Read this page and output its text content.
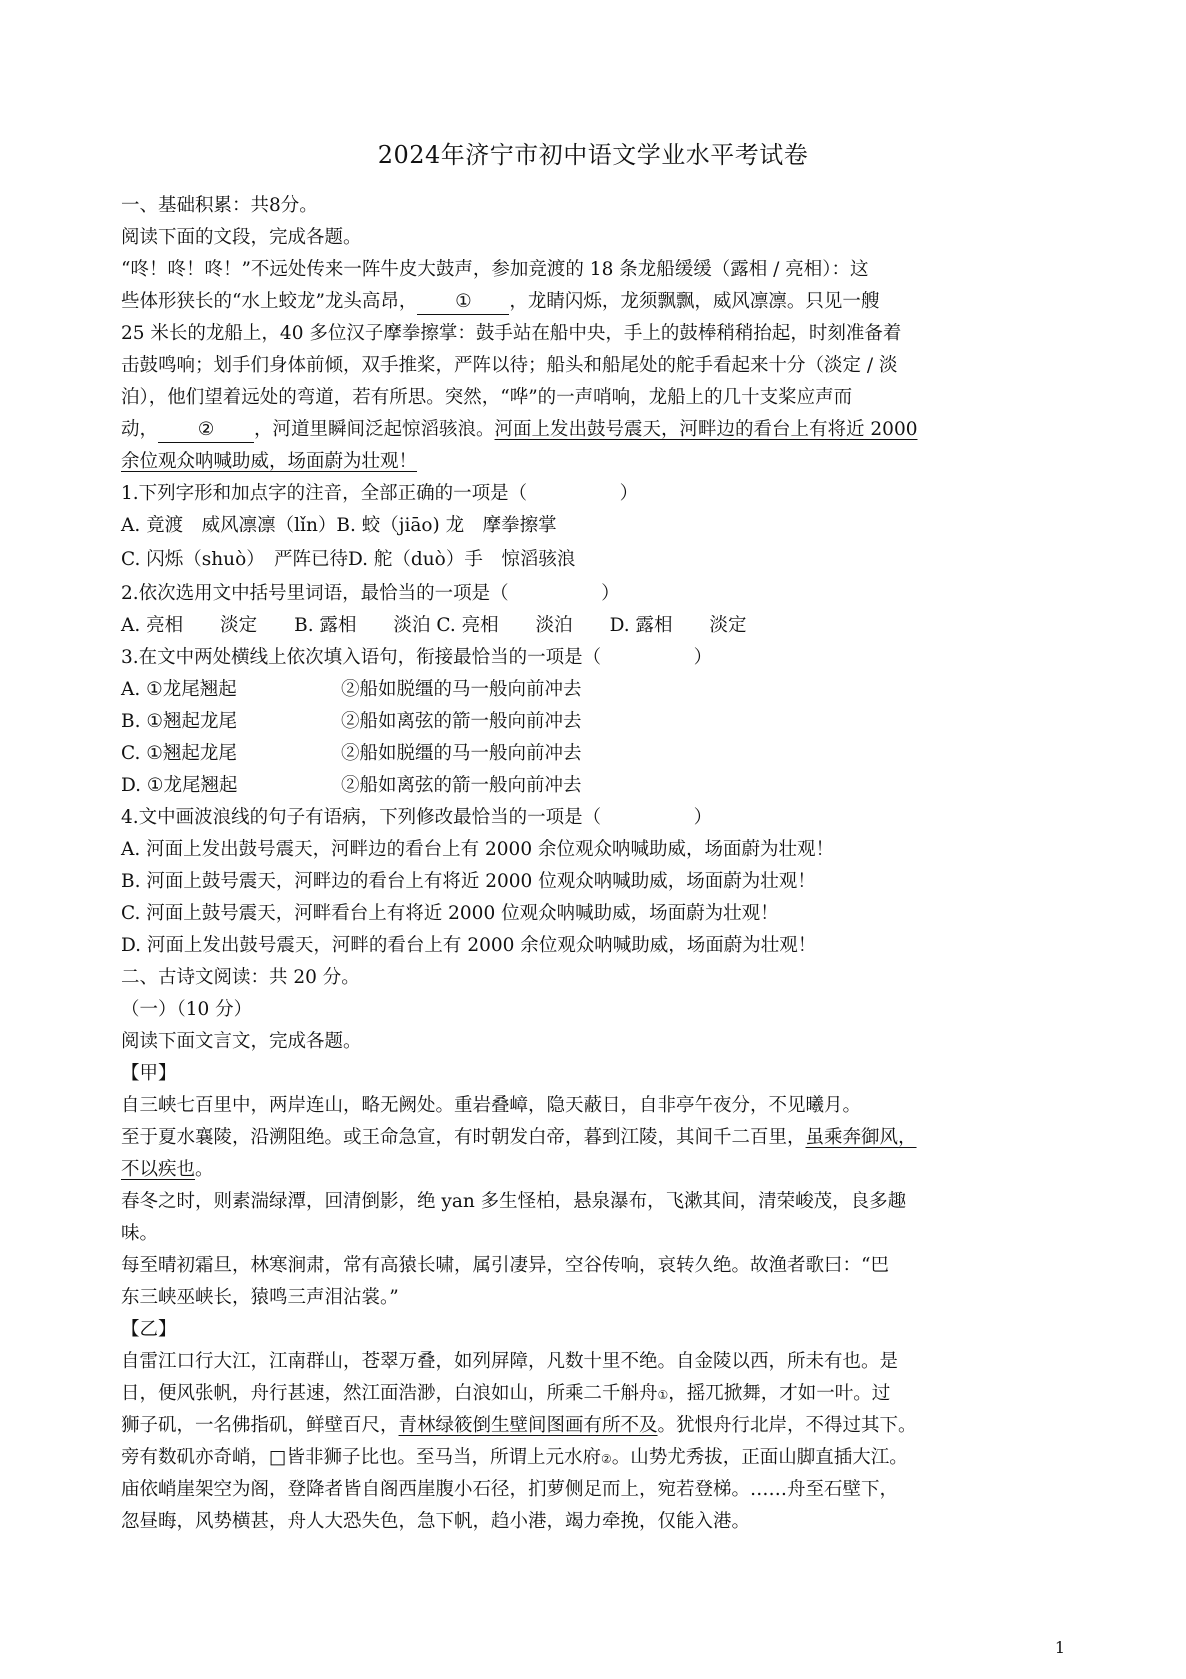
2024年济宁市初中语文学业水平考试卷
一、基础积累：共8分。
阅读下面的文段，完成各题。
“咚！咚！咚！”不远处传来一阵牛皮大鼓声，参加竞渡的 18 条龙船缓缓（露相 / 亮相）：这
些体形狭长的“水上蛟龙”龙头高昂， ① ，龙睛闪烁，龙须飘飘，威风凛凛。只见一艘
25 米长的龙船上，40 多位汉子摩拳擦掌：鼓手站在船中央，手上的鼓棒稍稍抬起，时刻准备着
击鼓鸣响；划手们身体前倾，双手推桨，严阵以待；船头和船尾处的舵手看起来十分（淡定 / 淡
泊），他们望着远处的弯道，若有所思。突然，“哗”的一声哨响，龙船上的几十支桨应声而
动， ② ，河道里瞬间泛起惊滔骇浪。河面上发出鼓号震天，河畔边的看台上有将近 2000
余位观众呐喊助威，场面蔚为壮观！
1.下列字形和加点字的注音，全部正确的一项是（　　　　　）
A. 竟渡　威风凛凛（lǐn）B. 蛟（jiāo) 龙　摩拳擦掌
C. 闪烁（shuò）　严阵已待D. 舵（duò）手　惊滔骇浪
2.依次选用文中括号里词语，最恰当的一项是（　　　　　）
A. 亮相　　淡定　　B. 露相　　淡泊 C. 亮相　　淡泊　　D. 露相　　淡定
3.在文中两处横线上依次填入语句，衔接最恰当的一项是（　　　　　）
A. ①龙尾翘起	②船如脱缰的马一般向前冲去
B. ①翘起龙尾	②船如离弦的箭一般向前冲去
C. ①翘起龙尾	②船如脱缰的马一般向前冲去
D. ①龙尾翘起	②船如离弦的箭一般向前冲去
4.文中画波浪线的句子有语病，下列修改最恰当的一项是（　　　　　）
A. 河面上发出鼓号震天，河畔边的看台上有 2000 余位观众呐喊助威，场面蔚为壮观！
B. 河面上鼓号震天，河畔边的看台上有将近 2000 位观众呐喊助威，场面蔚为壮观！
C. 河面上鼓号震天，河畔看台上有将近 2000 位观众呐喊助威，场面蔚为壮观！
D. 河面上发出鼓号震天，河畔的看台上有 2000 余位观众呐喊助威，场面蔚为壮观！
二、古诗文阅读：共 20 分。
（一）（10 分）
阅读下面文言文，完成各题。
【甲】
自三峡七百里中，两岸连山，略无阙处。重岩叠嶂，隐天蔽日，自非亭午夜分，不见曦月。
至于夏水襄陵，沿溯阻绝。或王命急宣，有时朝发白帝，暮到江陵，其间千二百里，虽乘奔御风，
不以疾也。
春冬之时，则素湍绿潭，回清倒影，绝 yan 多生怪柏，悬泉瀑布，飞漱其间，清荣峻茂，良多趣
味。
每至晴初霜旦，林寒涧肃，常有高猿长啸，属引凄异，空谷传响，哀转久绝。故渔者歌曰：“巴
东三峡巫峡长，猿鸣三声泪沾裳。”
【乙】
自雷江口行大江，江南群山，苍翠万叠，如列屏障，凡数十里不绝。自金陵以西，所未有也。是
日，便风张帆，舟行甚速，然江面浩渺，白浪如山，所乘二千斛舟①，摇兀掀舞，才如一叶。过
狮子矶，一名佛指矶，鲜壁百尺，青林绿筱倒生壁间图画有所不及。犹恨舟行北岸，不得过其下。
旁有数矶亦奇峭，□皆非狮子比也。至马当，所谓上元水府②。山势尤秀拔，正面山脚直插大江。
庙依峭崖架空为阁，登降者皆自阁西崖腹小石径，扪萝侧足而上，宛若登梯。……舟至石壁下，
忽昼晦，风势横甚，舟人大恐失色，急下帆，趋小港，竭力牵挽，仅能入港。
1
